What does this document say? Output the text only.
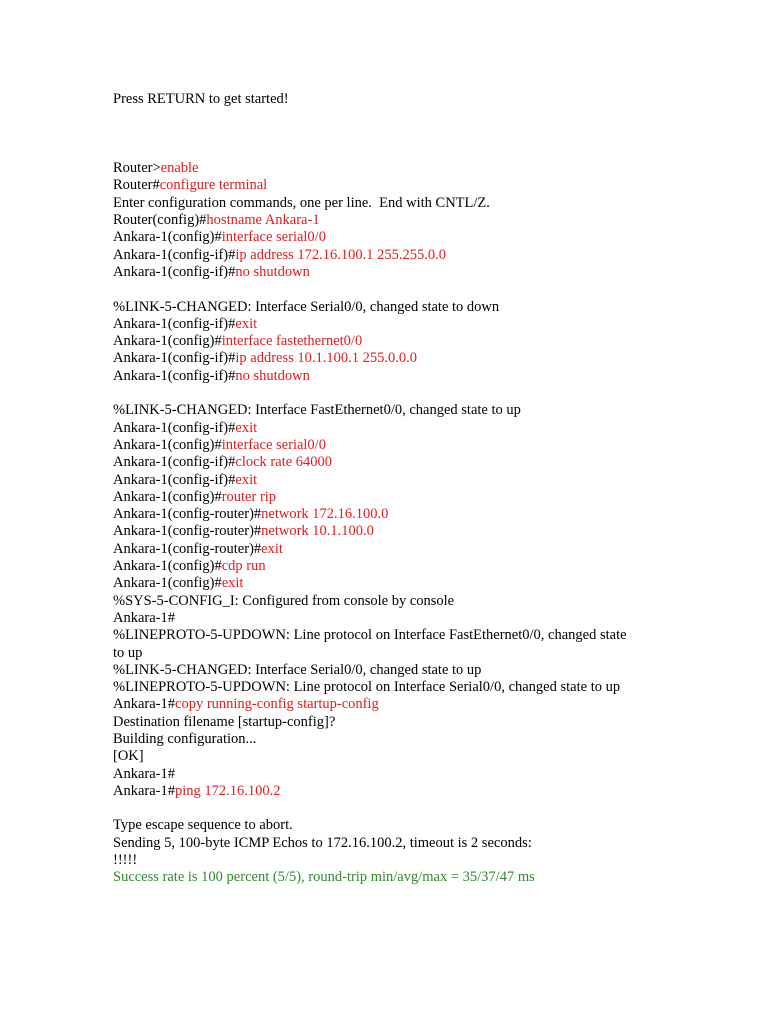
Press RETURN to get started!
Router>enable
Router#configure terminal
Enter configuration commands, one per line.  End with CNTL/Z.
Router(config)#hostname Ankara-1
Ankara-1(config)#interface serial0/0
Ankara-1(config-if)#ip address 172.16.100.1 255.255.0.0
Ankara-1(config-if)#no shutdown
%LINK-5-CHANGED: Interface Serial0/0, changed state to down
Ankara-1(config-if)#exit
Ankara-1(config)#interface fastethernet0/0
Ankara-1(config-if)#ip address 10.1.100.1 255.0.0.0
Ankara-1(config-if)#no shutdown
%LINK-5-CHANGED: Interface FastEthernet0/0, changed state to up
Ankara-1(config-if)#exit
Ankara-1(config)#interface serial0/0
Ankara-1(config-if)#clock rate 64000
Ankara-1(config-if)#exit
Ankara-1(config)#router rip
Ankara-1(config-router)#network 172.16.100.0
Ankara-1(config-router)#network 10.1.100.0
Ankara-1(config-router)#exit
Ankara-1(config)#cdp run
Ankara-1(config)#exit
%SYS-5-CONFIG_I: Configured from console by console
Ankara-1#
%LINEPROTO-5-UPDOWN: Line protocol on Interface FastEthernet0/0, changed state
to up
%LINK-5-CHANGED: Interface Serial0/0, changed state to up
%LINEPROTO-5-UPDOWN: Line protocol on Interface Serial0/0, changed state to up
Ankara-1#copy running-config startup-config
Destination filename [startup-config]?
Building configuration...
[OK]
Ankara-1#
Ankara-1#ping 172.16.100.2
Type escape sequence to abort.
Sending 5, 100-byte ICMP Echos to 172.16.100.2, timeout is 2 seconds:
!!!!!
Success rate is 100 percent (5/5), round-trip min/avg/max = 35/37/47 ms
